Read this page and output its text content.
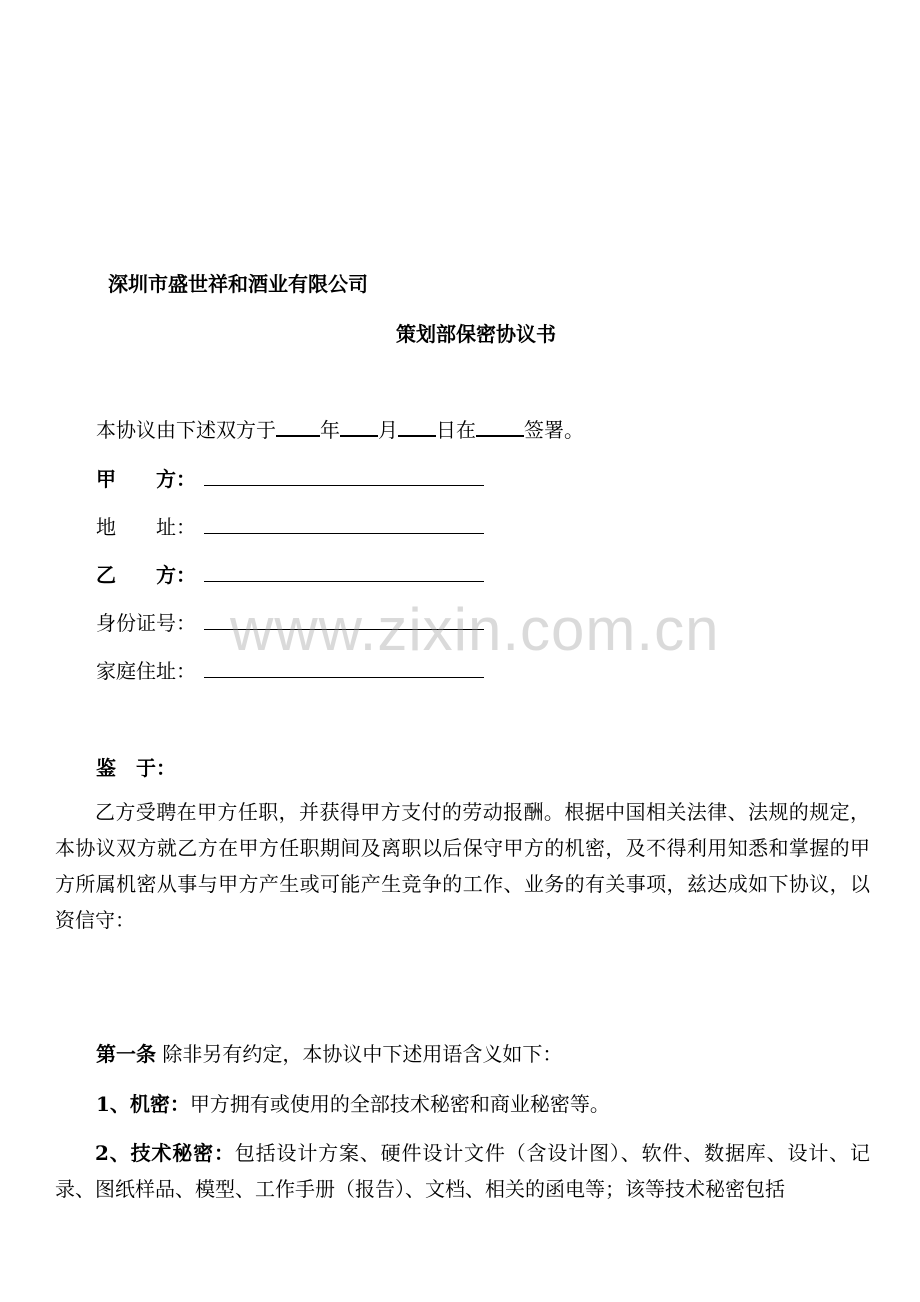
深圳市盛世祥和酒业有限公司
策划部保密协议书
本协议由下述双方于 年 月 日在 签署。
甲　　方：
地　　址：
乙　　方：
身份证号：
家庭住址：
www.zixin.com.cn
鉴　于：
乙方受聘在甲方任职，并获得甲方支付的劳动报酬。根据中国相关法律、法规的规定，本协议双方就乙方在甲方任职期间及离职以后保守甲方的机密，及不得利用知悉和掌握的甲方所属机密从事与甲方产生或可能产生竞争的工作、业务的有关事项，兹达成如下协议，以资信守：
第一条 除非另有约定，本协议中下述用语含义如下：
1、机密：甲方拥有或使用的全部技术秘密和商业秘密等。
2、技术秘密：包括设计方案、硬件设计文件（含设计图）、软件、数据库、设计、记录、图纸样品、模型、工作手册（报告）、文档、相关的函电等；该等技术秘密包括
